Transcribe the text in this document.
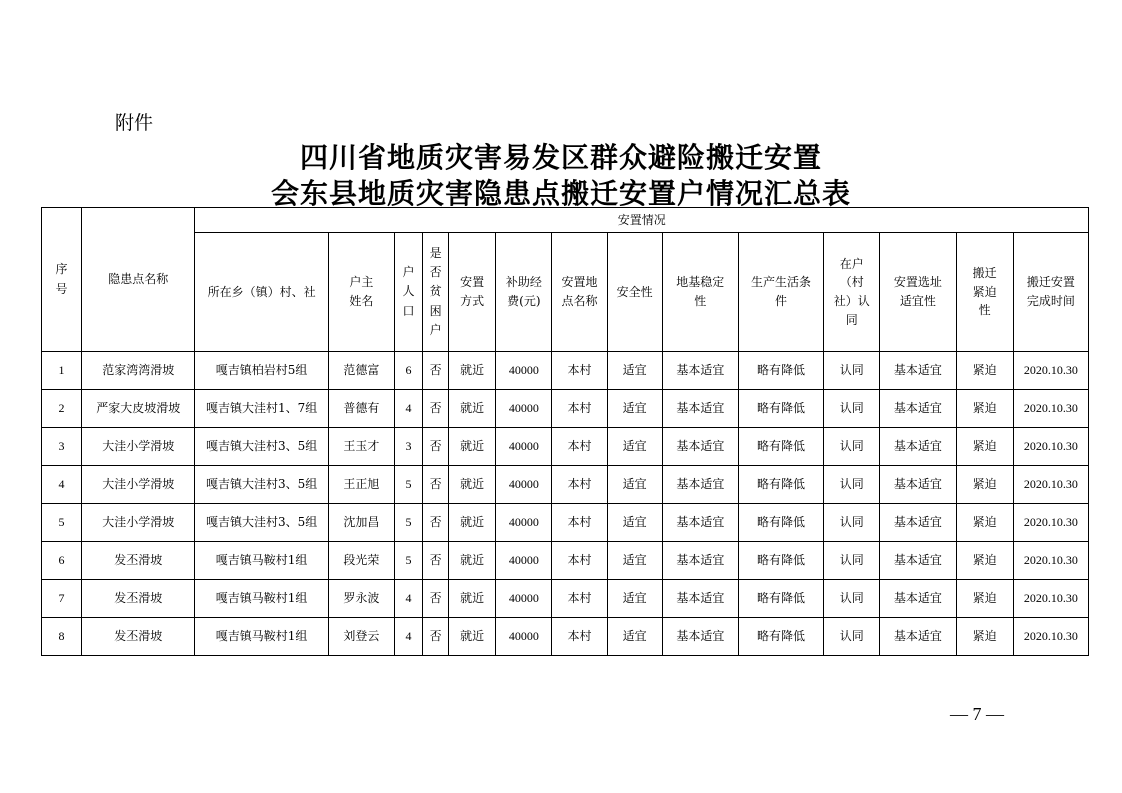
附件
四川省地质灾害易发区群众避险搬迁安置
会东县地质灾害隐患点搬迁安置户情况汇总表
序号	隐患点名称	安置情况													
		所在乡（镇）村、社	户主姓名	户人口	是否贫困户	安置方式	补助经费(元)	安置地点名称	安全性	地基稳定性	生产生活条件	在户（村社）认同	安置选址适宜性	搬迁紧迫性	搬迁安置完成时间
1	范家湾湾滑坡	嘎吉镇柏岩村5组	范德富	6	否	就近	40000	本村	适宜	基本适宜	略有降低	认同	基本适宜	紧迫	2020.10.30
2	严家大皮坡滑坡	嘎吉镇大洼村1、7组	普德有	4	否	就近	40000	本村	适宜	基本适宜	略有降低	认同	基本适宜	紧迫	2020.10.30
3	大洼小学滑坡	嘎吉镇大洼村3、5组	王玉才	3	否	就近	40000	本村	适宜	基本适宜	略有降低	认同	基本适宜	紧迫	2020.10.30
4	大洼小学滑坡	嘎吉镇大洼村3、5组	王正旭	5	否	就近	40000	本村	适宜	基本适宜	略有降低	认同	基本适宜	紧迫	2020.10.30
5	大洼小学滑坡	嘎吉镇大洼村3、5组	沈加昌	5	否	就近	40000	本村	适宜	基本适宜	略有降低	认同	基本适宜	紧迫	2020.10.30
6	发丕滑坡	嘎吉镇马鞍村1组	段光荣	5	否	就近	40000	本村	适宜	基本适宜	略有降低	认同	基本适宜	紧迫	2020.10.30
7	发丕滑坡	嘎吉镇马鞍村1组	罗永波	4	否	就近	40000	本村	适宜	基本适宜	略有降低	认同	基本适宜	紧迫	2020.10.30
8	发丕滑坡	嘎吉镇马鞍村1组	刘登云	4	否	就近	40000	本村	适宜	基本适宜	略有降低	认同	基本适宜	紧迫	2020.10.30
— 7 —
